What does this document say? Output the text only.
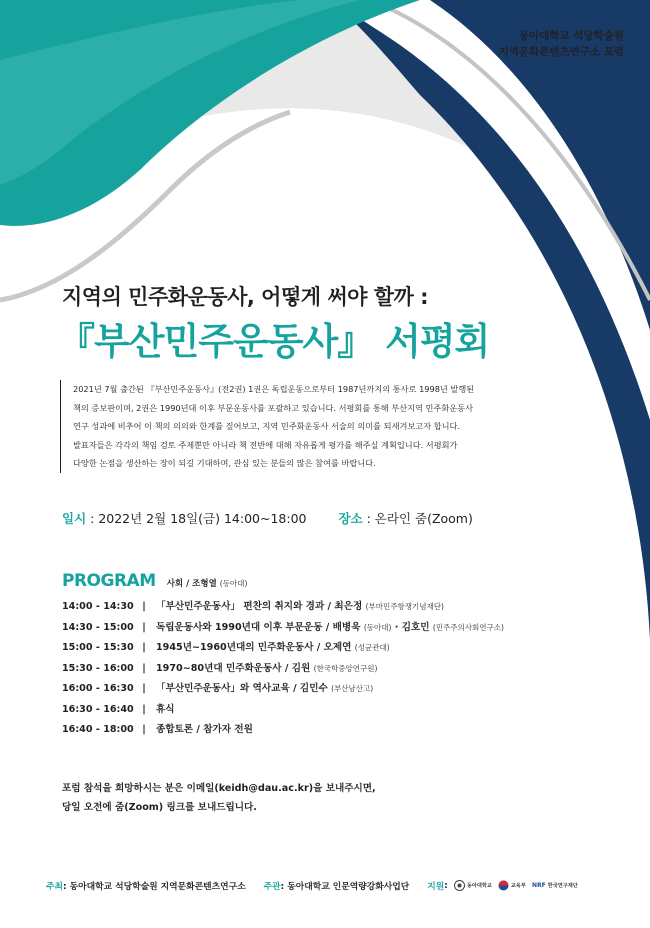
동아대학교 석당학술원
지역문화콘텐츠연구소 포럼
지역의 민주화운동사, 어떻게 써야 할까 :
『부산민주운동사』 서평회

2021년 7월 출간된 『부산민주운동사』(전2권) 1권은 독립운동으로부터 1987년까지의 통사로 1998년 발행된

책의 증보판이며, 2권은 1990년대 이후 부문운동사를 포괄하고 있습니다. 서평회를 통해 부산지역 민주화운동사

연구 성과에 비추어 이 책의 의의와 한계를 짚어보고, 지역 민주화운동사 서술의 의미를 되새겨보고자 합니다.

발표자들은 각각의 책임 검토 주제뿐만 아니라 책 전반에 대해 자유롭게 평가를 해주실 계획입니다. 서평회가

다양한 논점을 생산하는 장이 되길 기대하며, 관심 있는 분들의 많은 참여를 바랍니다.

일시 : 2022년 2월 18일(금) 14:00~18:00	장소 : 온라인 줌(Zoom)
PROGRAM 사회 / 조형열 (동아대)
14:00 - 14:30 | 「부산민주운동사」 편찬의 취지와 경과 / 최은정 (부마민주항쟁기념재단)
14:30 - 15:00 | 독립운동사와 1990년대 이후 부문운동 / 배병욱 (동아대) · 김호민 (민주주의사회연구소)
15:00 - 15:30 | 1945년~1960년대의 민주화운동사 / 오제연 (성균관대)
15:30 - 16:00 | 1970~80년대 민주화운동사 / 김원 (한국학중앙연구원)
16:00 - 16:30 | 「부산민주운동사」와 역사교육 / 김민수 (부산남산고)
16:30 - 16:40 | 휴식
16:40 - 18:00 | 종합토론 / 참가자 전원

포럼 참석을 희망하시는 분은 이메일(keidh@dau.ac.kr)을 보내주시면,

당일 오전에 줌(Zoom) 링크를 보내드립니다.

주최 : 동아대학교 석당학술원 지역문화콘텐츠연구소 주관 : 동아대학교 인문역량강화사업단 지원 :	동아대학교	교육부 NRF 한국연구재단
